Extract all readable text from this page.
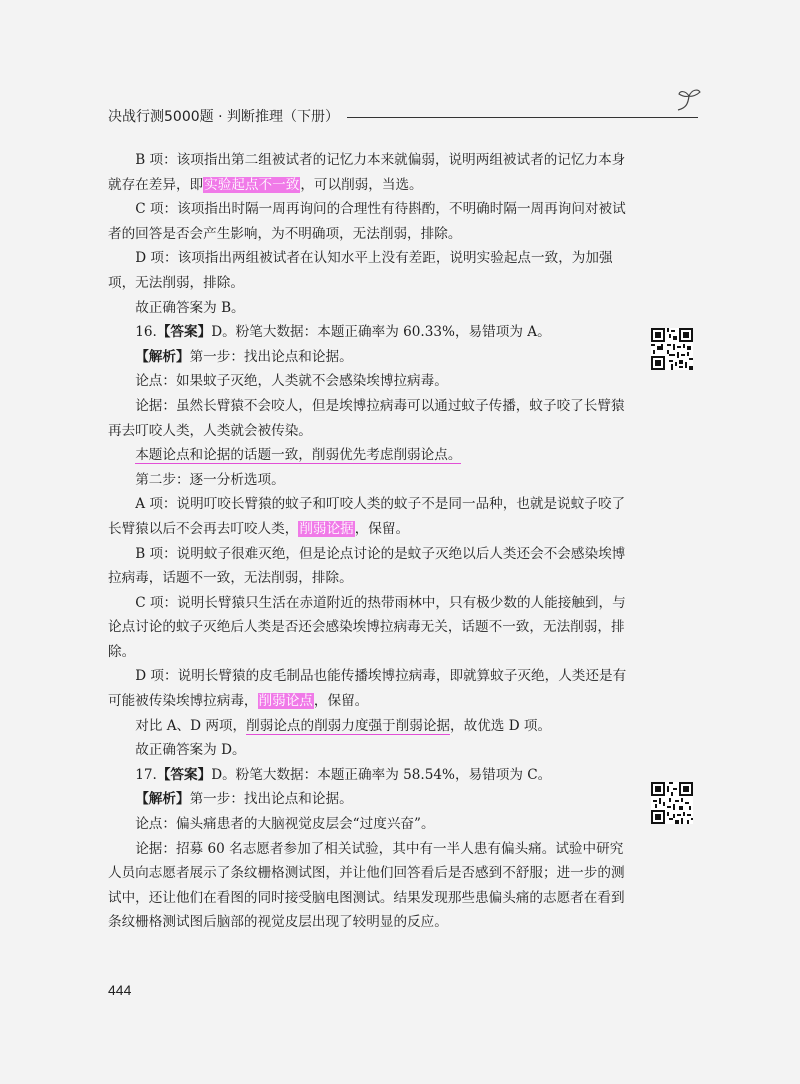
决战行测5000题 · 判断推理（下册）

B 项：该项指出第二组被试者的记忆力本来就偏弱，说明两组被试者的记忆力本身就存在差异，即实验起点不一致，可以削弱，当选。

C 项：该项指出时隔一周再询问的合理性有待斟酌，不明确时隔一周再询问对被试者的回答是否会产生影响，为不明确项，无法削弱，排除。

D 项：该项指出两组被试者在认知水平上没有差距，说明实验起点一致，为加强项，无法削弱，排除。

故正确答案为 B。

16.【答案】D。粉笔大数据：本题正确率为 60.33%，易错项为 A。

【解析】第一步：找出论点和论据。

论点：如果蚊子灭绝，人类就不会感染埃博拉病毒。

论据：虽然长臂猿不会咬人，但是埃博拉病毒可以通过蚊子传播，蚊子咬了长臂猿再去叮咬人类，人类就会被传染。

本题论点和论据的话题一致，削弱优先考虑削弱论点。

第二步：逐一分析选项。

A 项：说明叮咬长臂猿的蚊子和叮咬人类的蚊子不是同一品种，也就是说蚊子咬了长臂猿以后不会再去叮咬人类，削弱论据，保留。

B 项：说明蚊子很难灭绝，但是论点讨论的是蚊子灭绝以后人类还会不会感染埃博拉病毒，话题不一致，无法削弱，排除。

C 项：说明长臂猿只生活在赤道附近的热带雨林中，只有极少数的人能接触到，与论点讨论的蚊子灭绝后人类是否还会感染埃博拉病毒无关，话题不一致，无法削弱，排除。

D 项：说明长臂猿的皮毛制品也能传播埃博拉病毒，即就算蚊子灭绝，人类还是有可能被传染埃博拉病毒，削弱论点，保留。

对比 A、D 两项，削弱论点的削弱力度强于削弱论据，故优选 D 项。

故正确答案为 D。

17.【答案】D。粉笔大数据：本题正确率为 58.54%，易错项为 C。

【解析】第一步：找出论点和论据。

论点：偏头痛患者的大脑视觉皮层会“过度兴奋”。

论据：招募 60 名志愿者参加了相关试验，其中有一半人患有偏头痛。试验中研究人员向志愿者展示了条纹栅格测试图，并让他们回答看后是否感到不舒服；进一步的测试中，还让他们在看图的同时接受脑电图测试。结果发现那些患偏头痛的志愿者在看到条纹栅格测试图后脑部的视觉皮层出现了较明显的反应。

444
